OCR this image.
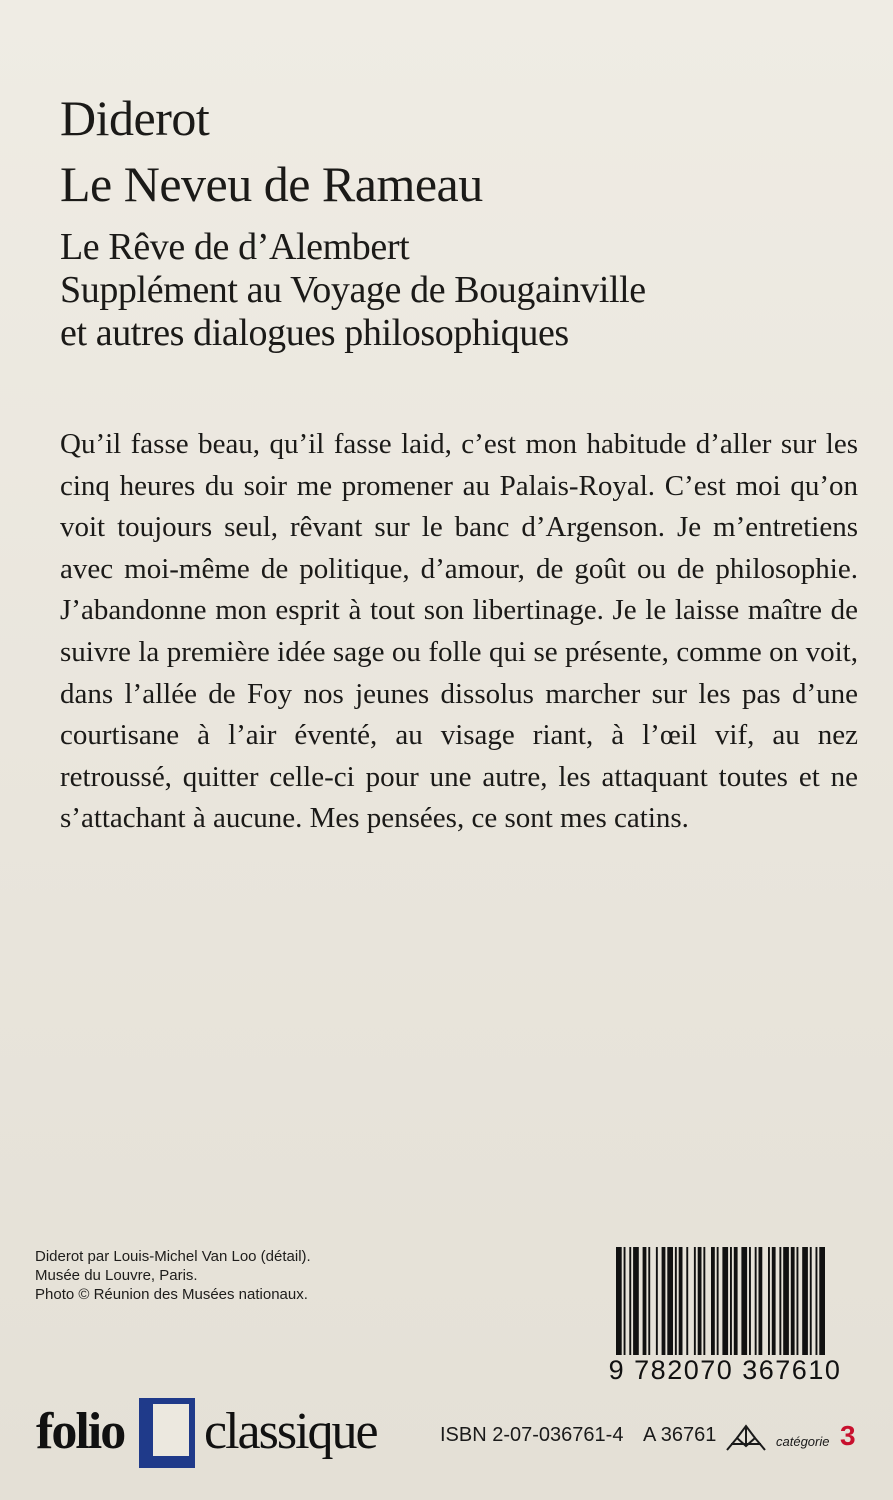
Diderot
Le Neveu de Rameau
Le Rêve de d’Alembert
Supplément au Voyage de Bougainville
et autres dialogues philosophiques
Qu’il fasse beau, qu’il fasse laid, c’est mon habitude d’aller sur les cinq heures du soir me promener au Palais-Royal. C’est moi qu’on voit toujours seul, rêvant sur le banc d’Argenson. Je m’entretiens avec moi-même de politique, d’amour, de goût ou de philosophie. J’abandonne mon esprit à tout son libertinage. Je le laisse maître de suivre la première idée sage ou folle qui se présente, comme on voit, dans l’allée de Foy nos jeunes dissolus marcher sur les pas d’une courtisane à l’air éventé, au visage riant, à l’œil vif, au nez retroussé, quitter celle-ci pour une autre, les attaquant toutes et ne s’attachant à aucune. Mes pensées, ce sont mes catins.
Diderot par Louis-Michel Van Loo (détail).
Musée du Louvre, Paris.
Photo © Réunion des Musées nationaux.
9 782070 367610
folio classique	ISBN 2-07-036761-4 A 36761	catégorie 3
